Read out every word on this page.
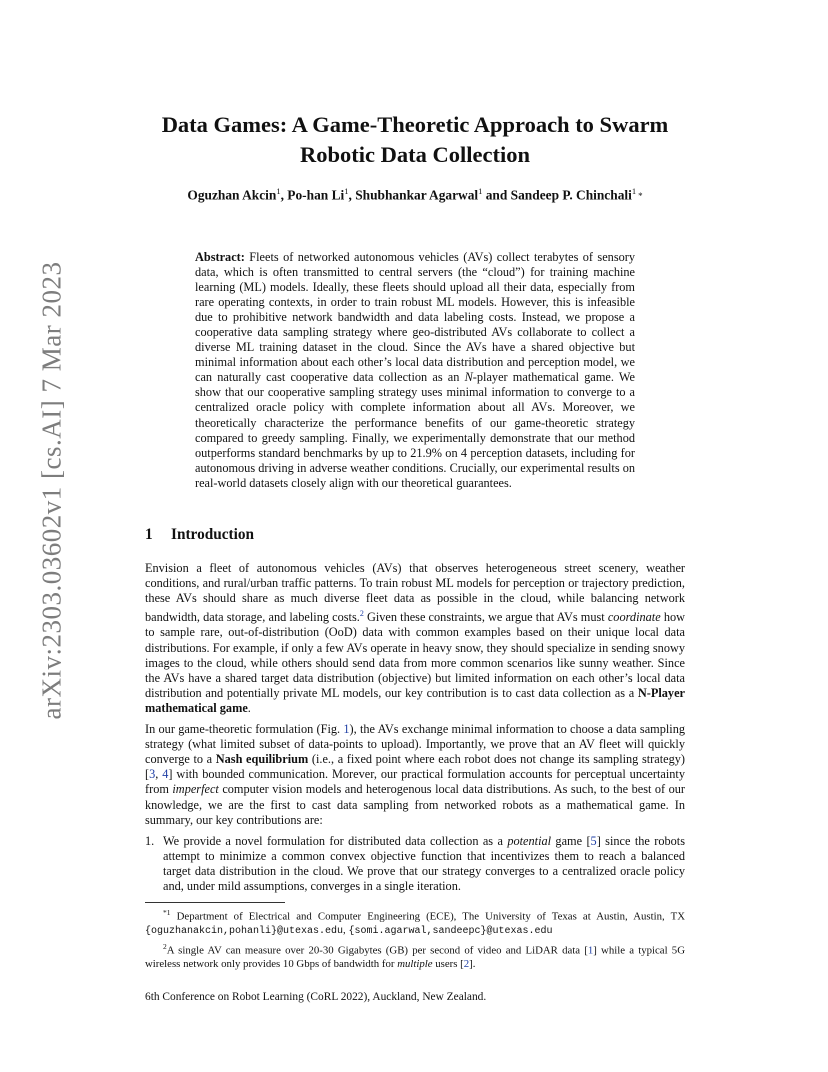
arXiv:2303.03602v1 [cs.AI] 7 Mar 2023
Data Games: A Game-Theoretic Approach to Swarm Robotic Data Collection
Oguzhan Akcin$^1$, Po-han Li$^1$, Shubhankar Agarwal$^1$ and Sandeep P. Chinchali$^1$*
Abstract: Fleets of networked autonomous vehicles (AVs) collect terabytes of sensory data, which is often transmitted to central servers (the “cloud”) for training machine learning (ML) models. Ideally, these fleets should upload all their data, especially from rare operating contexts, in order to train robust ML models. However, this is infeasible due to prohibitive network bandwidth and data labeling costs. Instead, we propose a cooperative data sampling strategy where geo-distributed AVs collaborate to collect a diverse ML training dataset in the cloud. Since the AVs have a shared objective but minimal information about each other’s local data distribution and perception model, we can naturally cast cooperative data collection as an N-player mathematical game. We show that our cooperative sampling strategy uses minimal information to converge to a centralized oracle policy with complete information about all AVs. Moreover, we theoretically characterize the performance benefits of our game-theoretic strategy compared to greedy sampling. Finally, we experimentally demonstrate that our method outperforms standard benchmarks by up to 21.9% on 4 perception datasets, including for autonomous driving in adverse weather conditions. Crucially, our experimental results on real-world datasets closely align with our theoretical guarantees.
1 Introduction

Envision a fleet of autonomous vehicles (AVs) that observes heterogeneous street scenery, weather conditions, and rural/urban traffic patterns. To train robust ML models for perception or trajectory prediction, these AVs should share as much diverse fleet data as possible in the cloud, while balancing network bandwidth, data storage, and labeling costs.$^2$ Given these constraints, we argue that AVs must coordinate how to sample rare, out-of-distribution (OoD) data with common examples based on their unique local data distributions. For example, if only a few AVs operate in heavy snow, they should specialize in sending snowy images to the cloud, while others should send data from more common scenarios like sunny weather. Since the AVs have a shared target data distribution (objective) but limited information on each other’s local data distribution and potentially private ML models, our key contribution is to cast data collection as a N-Player mathematical game.

In our game-theoretic formulation (Fig. 1), the AVs exchange minimal information to choose a data sampling strategy (what limited subset of data-points to upload). Importantly, we prove that an AV fleet will quickly converge to a Nash equilibrium (i.e., a fixed point where each robot does not change its sampling strategy) [3, 4] with bounded communication. Morever, our practical formulation accounts for perceptual uncertainty from imperfect computer vision models and heterogenous local data distributions. As such, to the best of our knowledge, we are the first to cast data sampling from networked robots as a mathematical game. In summary, our key contributions are:

1. We provide a novel formulation for distributed data collection as a potential game [5] since the robots attempt to minimize a common convex objective function that incentivizes them to reach a balanced target data distribution in the cloud. We prove that our strategy converges to a centralized oracle policy and, under mild assumptions, converges in a single iteration.

$^{*1}$ Department of Electrical and Computer Engineering (ECE), The University of Texas at Austin, Austin, TX {oguzhanakcin,pohanli}@utexas.edu, {somi.agarwal,sandeepc}@utexas.edu

$^2$A single AV can measure over 20-30 Gigabytes (GB) per second of video and LiDAR data [1] while a typical 5G wireless network only provides 10 Gbps of bandwidth for multiple users [2].

6th Conference on Robot Learning (CoRL 2022), Auckland, New Zealand.
